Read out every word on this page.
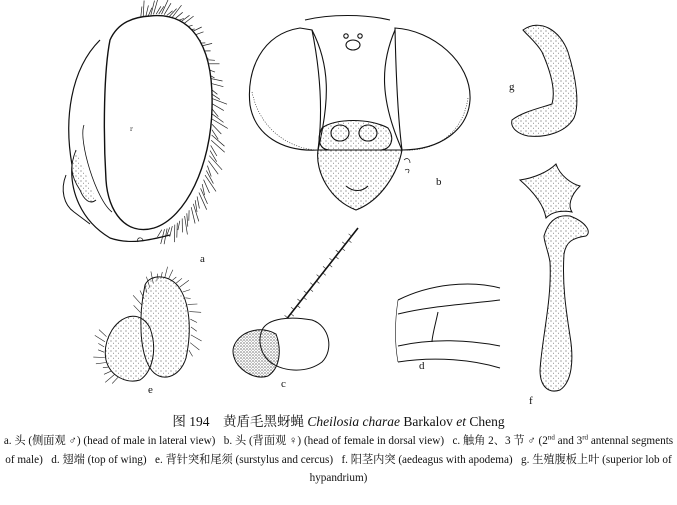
r
a
b
g
f
e	c
d
图 194 黄盾毛黑蚜蝇 Cheilosia charae Barkalov et Cheng
a. 头 (侧面观 ♂) (head of male in lateral view) b. 头 (背面观 ♀) (head of female in dorsal view) c. 触角 2、3 节 ♂ (2nd and 3rd antennal segments of male) d. 翅端 (top of wing) e. 背针突和尾须 (surstylus and cercus) f. 阳茎内突 (aedeagus with apodema) g. 生殖腹板上叶 (superior lob of hypandrium)
